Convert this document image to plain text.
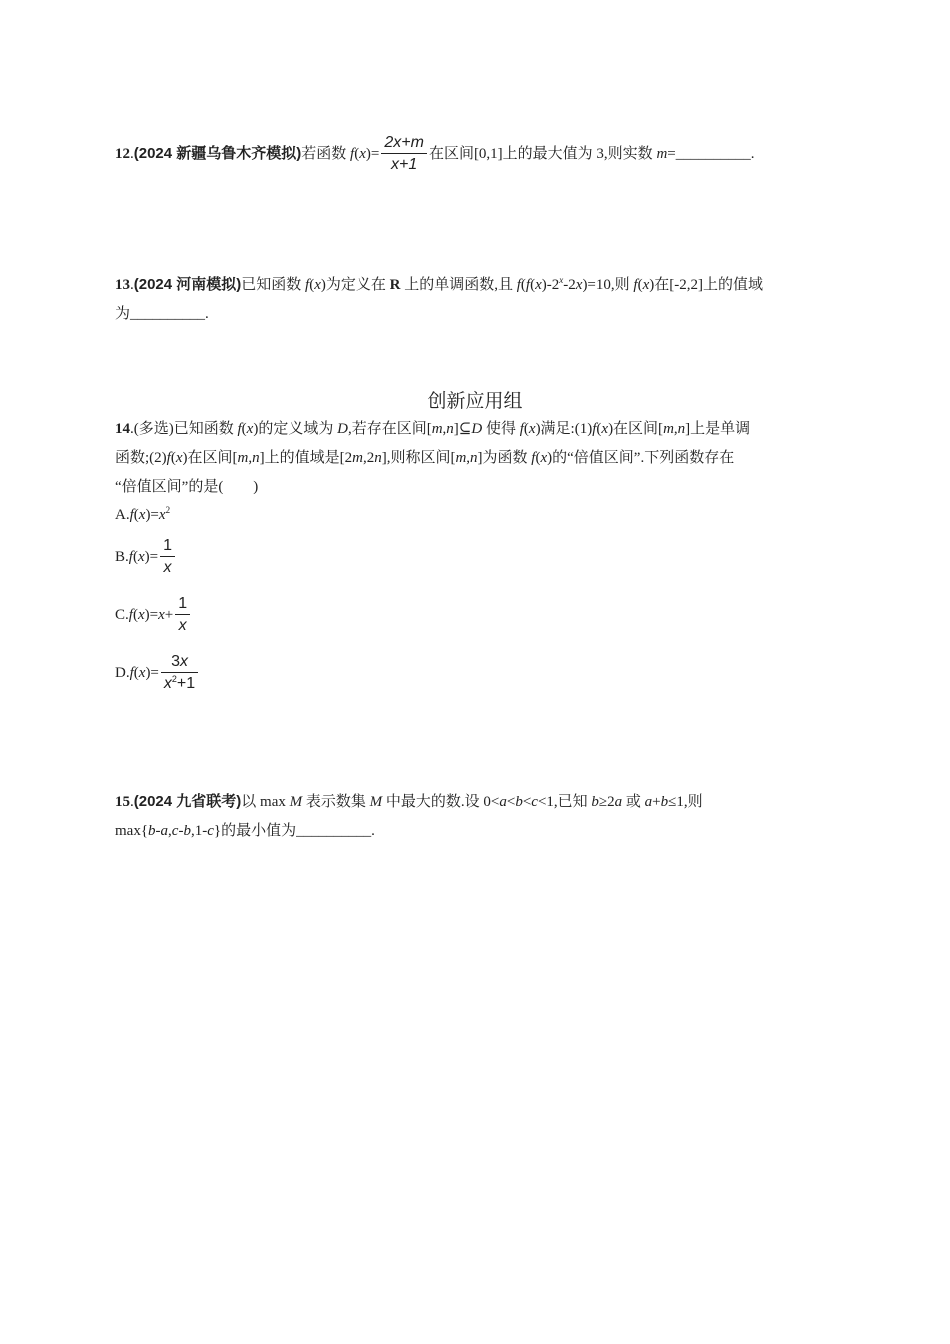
12.(2024 新疆乌鲁木齐模拟)若函数 $f(x)= \frac{2x+m}{x+1}$ 在区间[0,1]上的最大值为 3,则实数 m=__________.
13.(2024 河南模拟)已知函数 f(x)为定义在 R 上的单调函数,且 $f(f(x)-2^x-2x)=10$,则 f(x)在[-2,2]上的值域
为__________.
创新应用组
14.(多选)已知函数 f(x)的定义域为 D,若存在区间[m,n]⊆D 使得 f(x)满足:(1)f(x)在区间[m,n]上是单调
函数;(2)f(x)在区间[m,n]上的值域是[2m,2n],则称区间[m,n]为函数 f(x)的“倍值区间”.下列函数存在
“倍值区间”的是(　　)
$A.f(x)=x^2$
$B.f(x)= \frac{1}{x}$
$C.f(x)=x+ \frac{1}{x}$
$D.f(x)= \frac{3x}{x^2+1}$
15.(2024 九省联考)以 max M 表示数集 M 中最大的数.设 0<a<b<c<1,已知 b≥2a 或 a+b≤1,则
max{b-a,c-b,1-c}的最小值为__________.
